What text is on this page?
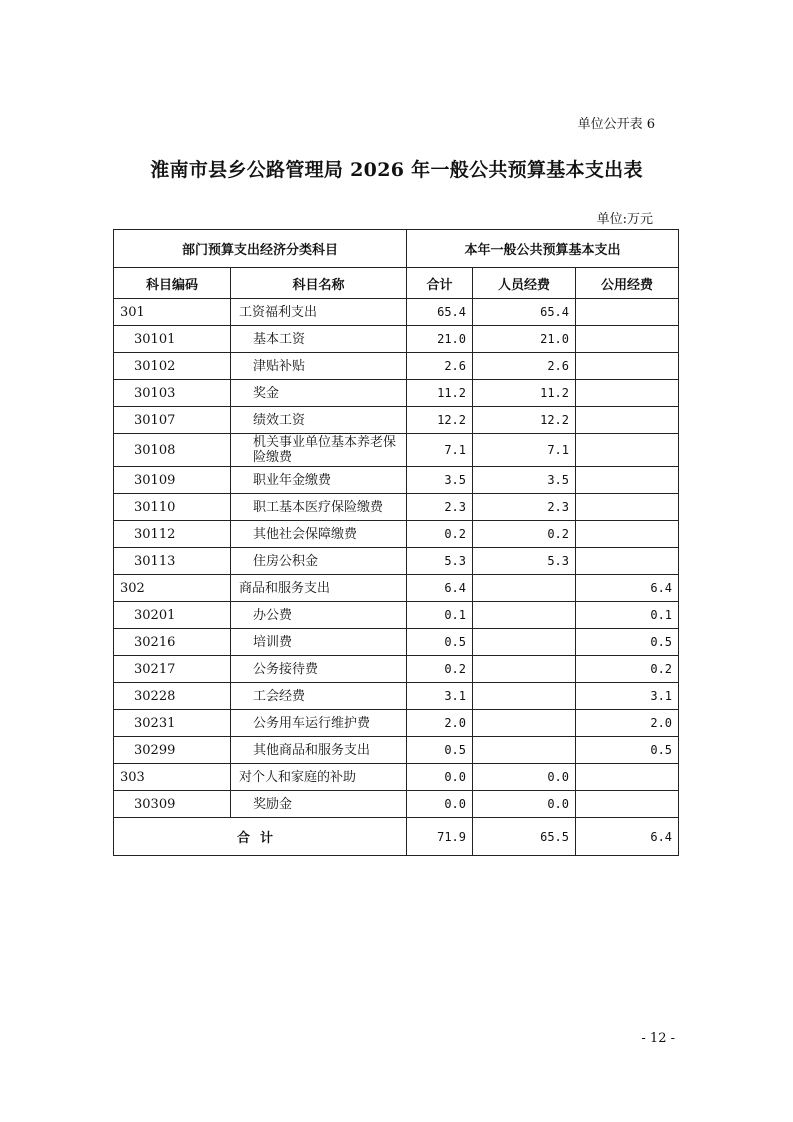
单位公开表 6
淮南市县乡公路管理局 2026 年一般公共预算基本支出表
单位:万元
部门预算支出经济分类科目		本年一般公共预算基本支出		
科目编码	科目名称	合计	人员经费	公用经费
301	工资福利支出	65.4	65.4	
30101	基本工资	21.0	21.0	
30102	津贴补贴	2.6	2.6	
30103	奖金	11.2	11.2	
30107	绩效工资	12.2	12.2	
30108	机关事业单位基本养老保险缴费	7.1	7.1	
30109	职业年金缴费	3.5	3.5	
30110	职工基本医疗保险缴费	2.3	2.3	
30112	其他社会保障缴费	0.2	0.2	
30113	住房公积金	5.3	5.3	
302	商品和服务支出	6.4		6.4
30201	办公费	0.1		0.1
30216	培训费	0.5		0.5
30217	公务接待费	0.2		0.2
30228	工会经费	3.1		3.1
30231	公务用车运行维护费	2.0		2.0
30299	其他商品和服务支出	0.5		0.5
303	对个人和家庭的补助	0.0	0.0	
30309	奖励金	0.0	0.0	
合计		71.9	65.5	6.4
- 12 -
